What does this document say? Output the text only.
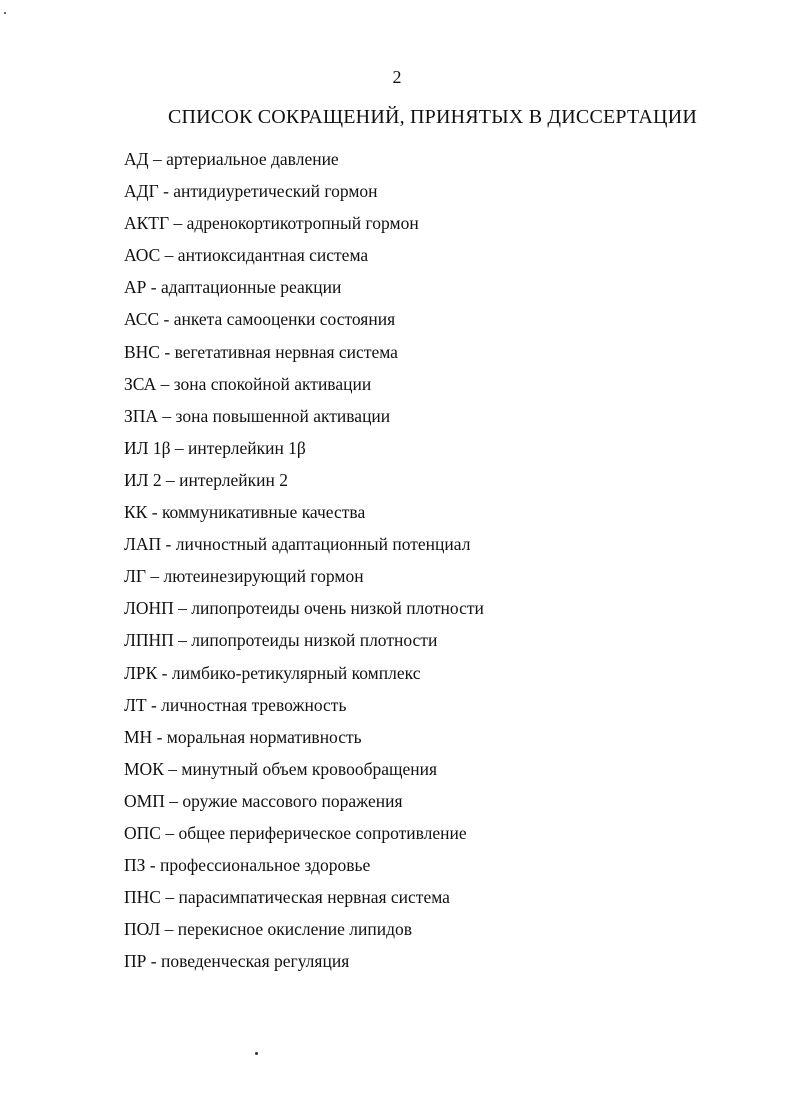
2
СПИСОК СОКРАЩЕНИЙ, ПРИНЯТЫХ В ДИССЕРТАЦИИ
АД – артериальное давление
АДГ - антидиуретический гормон
АКТГ – адренокортикотропный гормон
АОС – антиоксидантная система
АР - адаптационные реакции
АСС - анкета самооценки состояния
ВНС - вегетативная нервная система
ЗСА – зона спокойной активации
ЗПА – зона повышенной активации
ИЛ 1β – интерлейкин 1β
ИЛ 2 – интерлейкин 2
КК - коммуникативные качества
ЛАП - личностный адаптационный потенциал
ЛГ – лютеинезирующий гормон
ЛОНП – липопротеиды очень низкой плотности
ЛПНП – липопротеиды низкой плотности
ЛРК - лимбико-ретикулярный комплекс
ЛТ - личностная тревожность
МН - моральная нормативность
МОК – минутный объем кровообращения
ОМП – оружие массового поражения
ОПС – общее периферическое сопротивление
ПЗ - профессиональное здоровье
ПНС – парасимпатическая нервная система
ПОЛ – перекисное окисление липидов
ПР - поведенческая регуляция
